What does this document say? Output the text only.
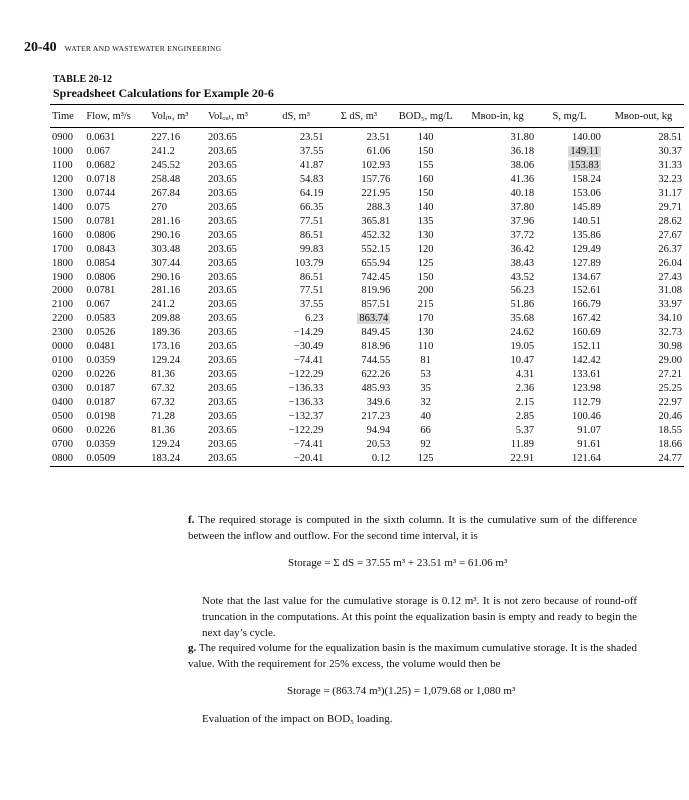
20-40 WATER AND WASTEWATER ENGINEERING
TABLE 20-12
Spreadsheet Calculations for Example 20-6
Time	Flow, m³/s	Volᵢₙ, m³	Volₒᵤₜ, m³	dS, m³	Σ dS, m³	BOD₅, mg/L	Mʙᴏᴅ-in, kg	S, mg/L	Mʙᴏᴅ-out, kg
0900	0.0631	227.16	203.65	23.51	23.51	140	31.80	140.00	28.51
1000	0.067	241.2	203.65	37.55	61.06	150	36.18	149.11	30.37
1100	0.0682	245.52	203.65	41.87	102.93	155	38.06	153.83	31.33
1200	0.0718	258.48	203.65	54.83	157.76	160	41.36	158.24	32.23
1300	0.0744	267.84	203.65	64.19	221.95	150	40.18	153.06	31.17
1400	0.075	270	203.65	66.35	288.3	140	37.80	145.89	29.71
1500	0.0781	281.16	203.65	77.51	365.81	135	37.96	140.51	28.62
1600	0.0806	290.16	203.65	86.51	452.32	130	37.72	135.86	27.67
1700	0.0843	303.48	203.65	99.83	552.15	120	36.42	129.49	26.37
1800	0.0854	307.44	203.65	103.79	655.94	125	38.43	127.89	26.04
1900	0.0806	290.16	203.65	86.51	742.45	150	43.52	134.67	27.43
2000	0.0781	281.16	203.65	77.51	819.96	200	56.23	152.61	31.08
2100	0.067	241.2	203.65	37.55	857.51	215	51.86	166.79	33.97
2200	0.0583	209.88	203.65	6.23	863.74	170	35.68	167.42	34.10
2300	0.0526	189.36	203.65	−14.29	849.45	130	24.62	160.69	32.73
0000	0.0481	173.16	203.65	−30.49	818.96	110	19.05	152.11	30.98
0100	0.0359	129.24	203.65	−74.41	744.55	81	10.47	142.42	29.00
0200	0.0226	81.36	203.65	−122.29	622.26	53	4.31	133.61	27.21
0300	0.0187	67.32	203.65	−136.33	485.93	35	2.36	123.98	25.25
0400	0.0187	67.32	203.65	−136.33	349.6	32	2.15	112.79	22.97
0500	0.0198	71.28	203.65	−132.37	217.23	40	2.85	100.46	20.46
0600	0.0226	81.36	203.65	−122.29	94.94	66	5.37	91.07	18.55
0700	0.0359	129.24	203.65	−74.41	20.53	92	11.89	91.61	18.66
0800	0.0509	183.24	203.65	−20.41	0.12	125	22.91	121.64	24.77
f. The required storage is computed in the sixth column. It is the cumulative sum of the difference between the inflow and outflow. For the second time interval, it is
Storage = Σ dS = 37.55 m³ + 23.51 m³ = 61.06 m³
Note that the last value for the cumulative storage is 0.12 m³. It is not zero because of round-off truncation in the computations. At this point the equalization basin is empty and ready to begin the next day’s cycle.
g. The required volume for the equalization basin is the maximum cumulative storage. It is the shaded value. With the requirement for 25% excess, the volume would then be
Storage = (863.74 m³)(1.25) = 1,079.68 or 1,080 m³
Evaluation of the impact on BOD₅ loading.
